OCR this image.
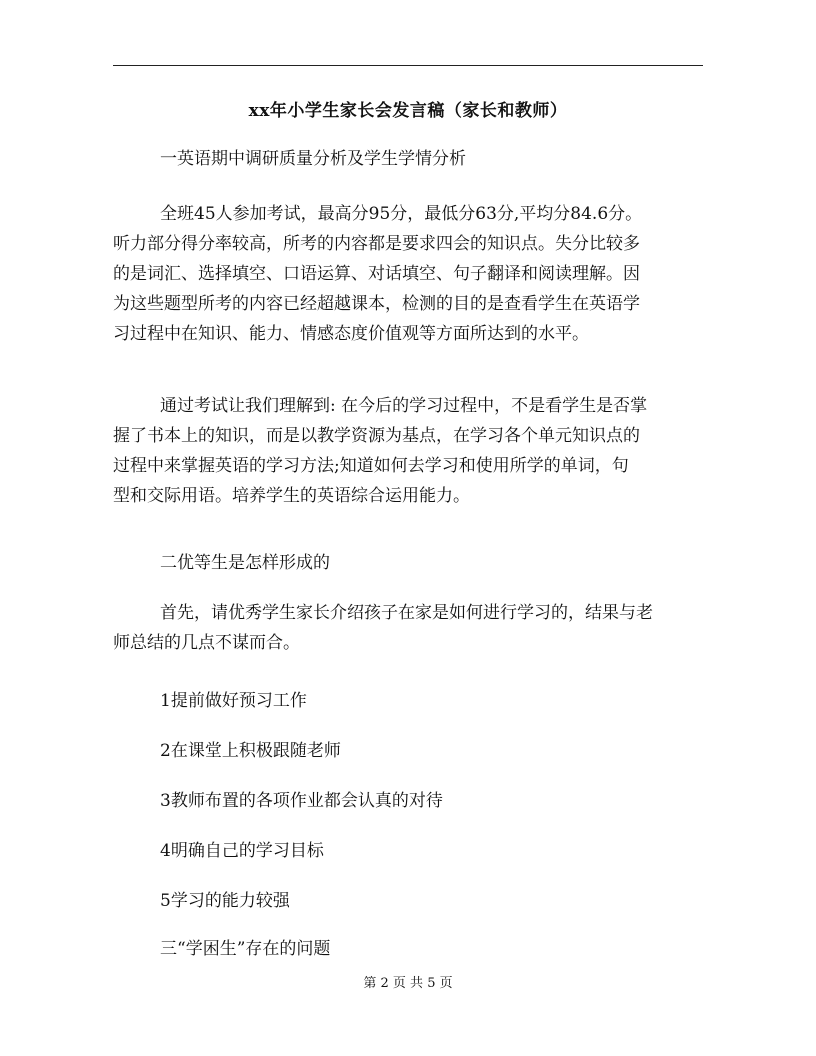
xx年小学生家长会发言稿（家长和教师）
一英语期中调研质量分析及学生学情分析
全班45人参加考试，最高分95分，最低分63分,平均分84.6分。
听力部分得分率较高，所考的内容都是要求四会的知识点。失分比较多
的是词汇、选择填空、口语运算、对话填空、句子翻译和阅读理解。因
为这些题型所考的内容已经超越课本，检测的目的是查看学生在英语学
习过程中在知识、能力、情感态度价值观等方面所达到的水平。
通过考试让我们理解到: 在今后的学习过程中，不是看学生是否掌
握了书本上的知识，而是以教学资源为基点，在学习各个单元知识点的
过程中来掌握英语的学习方法;知道如何去学习和使用所学的单词，句
型和交际用语。培养学生的英语综合运用能力。
二优等生是怎样形成的
首先，请优秀学生家长介绍孩子在家是如何进行学习的，结果与老
师总结的几点不谋而合。
1提前做好预习工作
2在课堂上积极跟随老师
3教师布置的各项作业都会认真的对待
4明确自己的学习目标
5学习的能力较强
三“学困生”存在的问题
第 2 页 共 5 页
